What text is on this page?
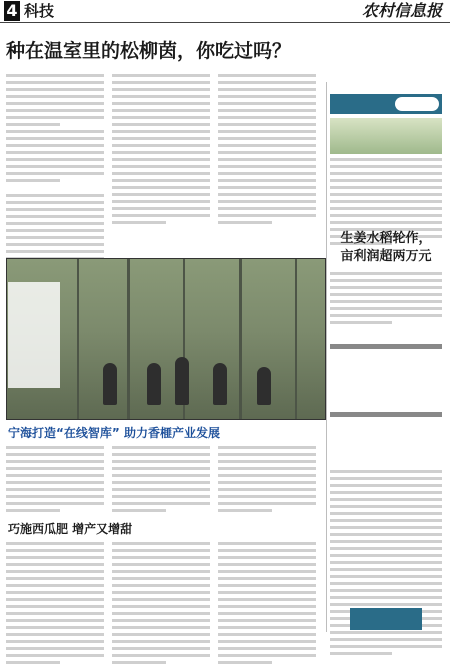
4 科技	农村信息报
种在温室里的松柳茵，你吃过吗？
宁海打造“在线智库” 助力香榧产业发展
巧施西瓜肥 增产又增甜
生姜水稻轮作，
亩利润超两万元
